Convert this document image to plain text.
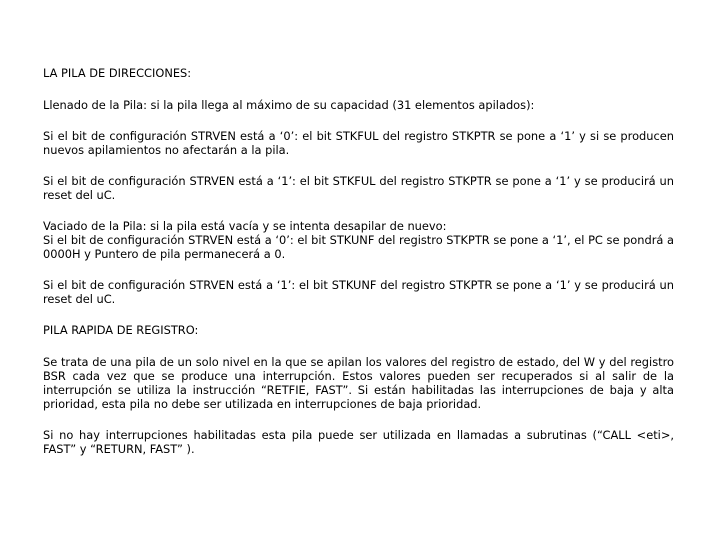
LA PILA DE DIRECCIONES:

Llenado de la Pila: si la pila llega al máximo de su capacidad (31 elementos apilados):

Si el bit de configuración STRVEN está a ‘0’: el bit STKFUL del registro STKPTR se pone a ‘1’ y si se producen nuevos apilamientos no afectarán a la pila.

Si el bit de configuración STRVEN está a ‘1’: el bit STKFUL del registro STKPTR se pone a ‘1’ y se producirá un reset del uC.

Vaciado de la Pila: si la pila está vacía y se intenta desapilar de nuevo:

Si el bit de configuración STRVEN está a ‘0’: el bit STKUNF del registro STKPTR se pone a ‘1’, el PC se pondrá a 0000H y Puntero de pila permanecerá a 0.

Si el bit de configuración STRVEN está a ‘1’: el bit STKUNF del registro STKPTR se pone a ‘1’ y se producirá un reset del uC.

PILA RAPIDA DE REGISTRO:

Se trata de una pila de un solo nivel en la que se apilan los valores del registro de estado, del W y del registro BSR cada vez que se produce una interrupción. Estos valores pueden ser recuperados si al salir de la interrupción se utiliza la instrucción “RETFIE, FAST”. Si están habilitadas las interrupciones de baja y alta prioridad, esta pila no debe ser utilizada en interrupciones de baja prioridad.

Si no hay interrupciones habilitadas esta pila puede ser utilizada en llamadas a subrutinas (“CALL <eti>, FAST” y “RETURN, FAST” ).
